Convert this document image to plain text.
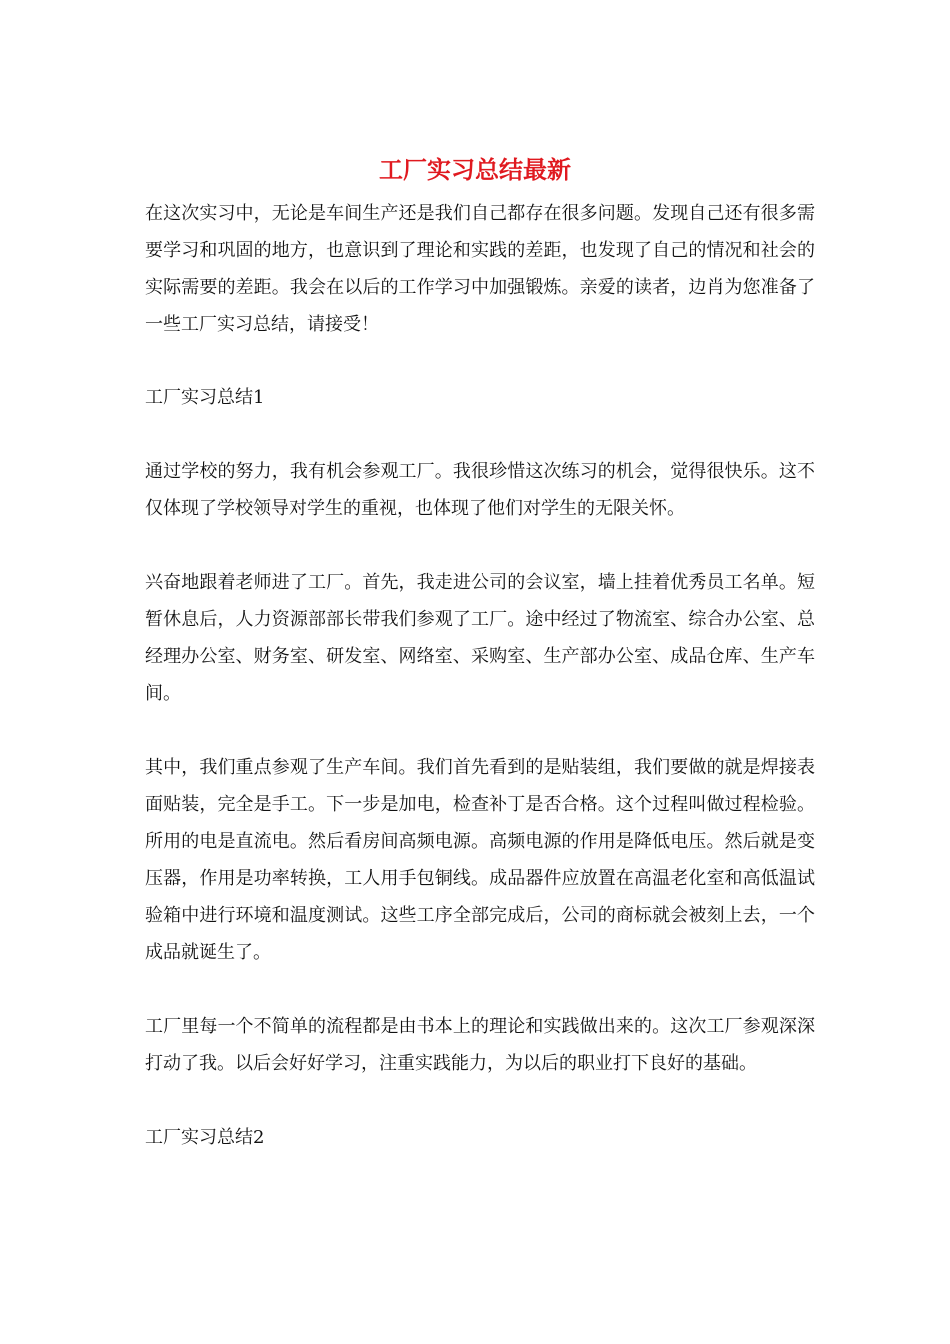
工厂实习总结最新

在这次实习中，无论是车间生产还是我们自己都存在很多问题。发现自己还有很多需要学习和巩固的地方，也意识到了理论和实践的差距，也发现了自己的情况和社会的实际需要的差距。我会在以后的工作学习中加强锻炼。亲爱的读者，边肖为您准备了一些工厂实习总结，请接受！

工厂实习总结1

通过学校的努力，我有机会参观工厂。我很珍惜这次练习的机会，觉得很快乐。这不仅体现了学校领导对学生的重视，也体现了他们对学生的无限关怀。

兴奋地跟着老师进了工厂。首先，我走进公司的会议室，墙上挂着优秀员工名单。短暂休息后，人力资源部部长带我们参观了工厂。途中经过了物流室、综合办公室、总经理办公室、财务室、研发室、网络室、采购室、生产部办公室、成品仓库、生产车间。

其中，我们重点参观了生产车间。我们首先看到的是贴装组，我们要做的就是焊接表面贴装，完全是手工。下一步是加电，检查补丁是否合格。这个过程叫做过程检验。所用的电是直流电。然后看房间高频电源。高频电源的作用是降低电压。然后就是变压器，作用是功率转换，工人用手包铜线。成品器件应放置在高温老化室和高低温试验箱中进行环境和温度测试。这些工序全部完成后，公司的商标就会被刻上去，一个成品就诞生了。

工厂里每一个不简单的流程都是由书本上的理论和实践做出来的。这次工厂参观深深打动了我。以后会好好学习，注重实践能力，为以后的职业打下良好的基础。

工厂实习总结2
